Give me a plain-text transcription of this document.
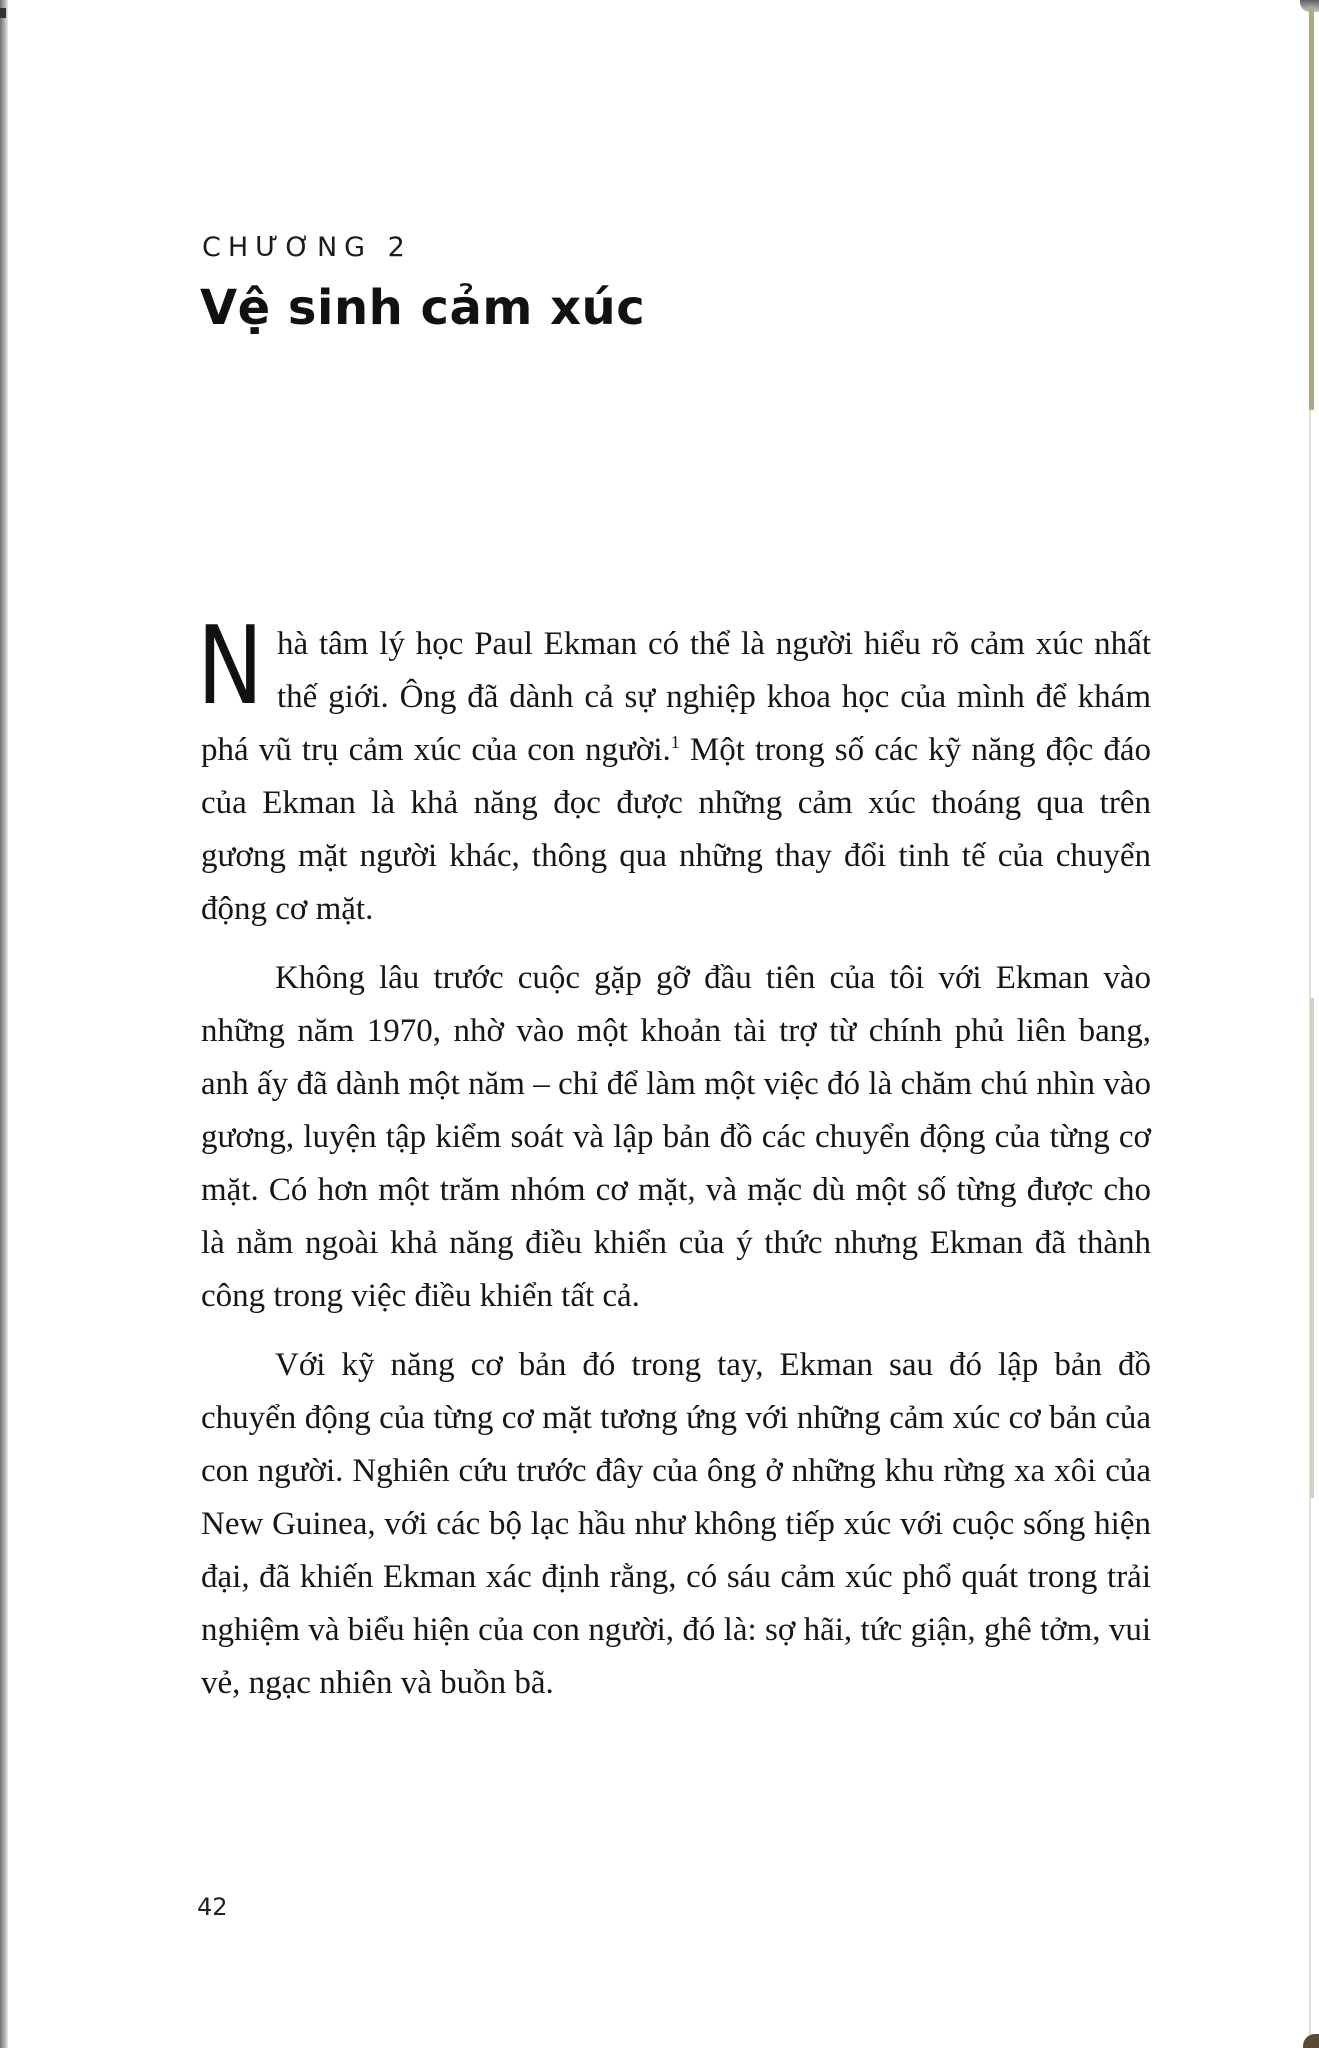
CHƯƠNG 2
Vệ sinh cảm xúc

Nhà tâm lý học Paul Ekman có thể là người hiểu rõ cảm xúc nhất thế giới. Ông đã dành cả sự nghiệp khoa học của mình để khám phá vũ trụ cảm xúc của con người.$^1$ Một trong số các kỹ năng độc đáo của Ekman là khả năng đọc được những cảm xúc thoáng qua trên gương mặt người khác, thông qua những thay đổi tinh tế của chuyển động cơ mặt.

Không lâu trước cuộc gặp gỡ đầu tiên của tôi với Ekman vào những năm 1970, nhờ vào một khoản tài trợ từ chính phủ liên bang, anh ấy đã dành một năm – chỉ để làm một việc đó là chăm chú nhìn vào gương, luyện tập kiểm soát và lập bản đồ các chuyển động của từng cơ mặt. Có hơn một trăm nhóm cơ mặt, và mặc dù một số từng được cho là nằm ngoài khả năng điều khiển của ý thức nhưng Ekman đã thành công trong việc điều khiển tất cả.

Với kỹ năng cơ bản đó trong tay, Ekman sau đó lập bản đồ chuyển động của từng cơ mặt tương ứng với những cảm xúc cơ bản của con người. Nghiên cứu trước đây của ông ở những khu rừng xa xôi của New Guinea, với các bộ lạc hầu như không tiếp xúc với cuộc sống hiện đại, đã khiến Ekman xác định rằng, có sáu cảm xúc phổ quát trong trải nghiệm và biểu hiện của con người, đó là: sợ hãi, tức giận, ghê tởm, vui vẻ, ngạc nhiên và buồn bã.

42
